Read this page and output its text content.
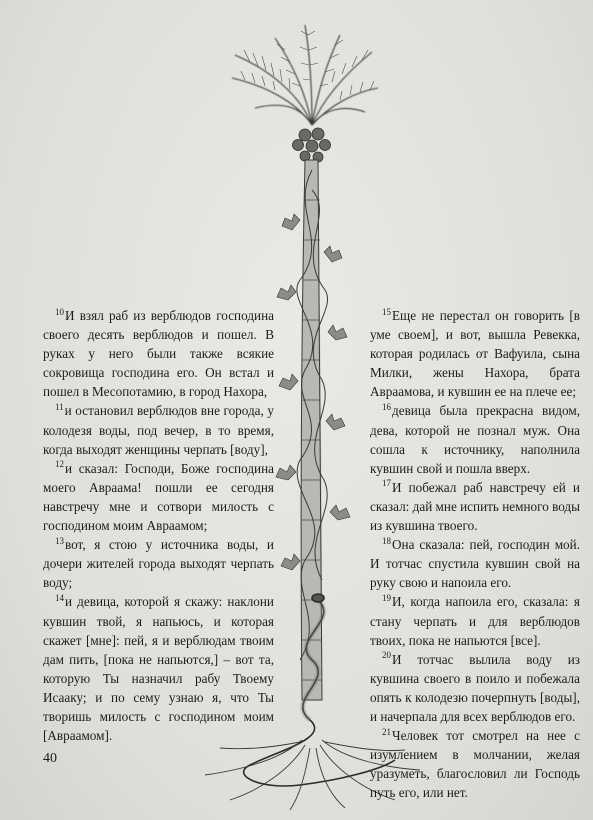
$^{10}$И взял раб из верблюдов господина своего десять верблюдов и пошел. В руках у него были также всякие сокровища господина его. Он встал и пошел в Месопотамию, в город Нахора,

$^{11}$и остановил верблюдов вне города, у колодезя воды, под вечер, в то время, когда выходят женщины черпать [воду],

$^{12}$и сказал: Господи, Боже господина моего Авраама! пошли ее сегодня навстречу мне и сотвори милость с господином моим Авраамом;

$^{13}$вот, я стою у источника воды, и дочери жителей города выходят черпать воду;

$^{14}$и девица, которой я скажу: наклони кувшин твой, я напьюсь, и которая скажет [мне]: пей, я и верблюдам твоим дам пить, [пока не напьются,] – вот та, которую Ты назначил рабу Твоему Исааку; и по сему узнаю я, что Ты творишь милость с господином моим [Авраамом].

$^{15}$Еще не перестал он говорить [в уме своем], и вот, вышла Ревекка, которая родилась от Вафуила, сына Милки, жены Нахора, брата Авраамова, и кувшин ее на плече ее;

$^{16}$девица была прекрасна видом, дева, которой не познал муж. Она сошла к источнику, наполнила кувшин свой и пошла вверх.

$^{17}$И побежал раб навстречу ей и сказал: дай мне испить немного воды из кувшина твоего.

$^{18}$Она сказала: пей, господин мой. И тотчас спустила кувшин свой на руку свою и напоила его.

$^{19}$И, когда напоила его, сказала: я стану черпать и для верблюдов твоих, пока не напьются [все].

$^{20}$И тотчас вылила воду из кувшина своего в поило и побежала опять к колодезю почерпнуть [воды], и начерпала для всех верблюдов его.

$^{21}$Человек тот смотрел на нее с изумлением в молчании, желая уразуметь, благословил ли Господь путь его, или нет.

40
